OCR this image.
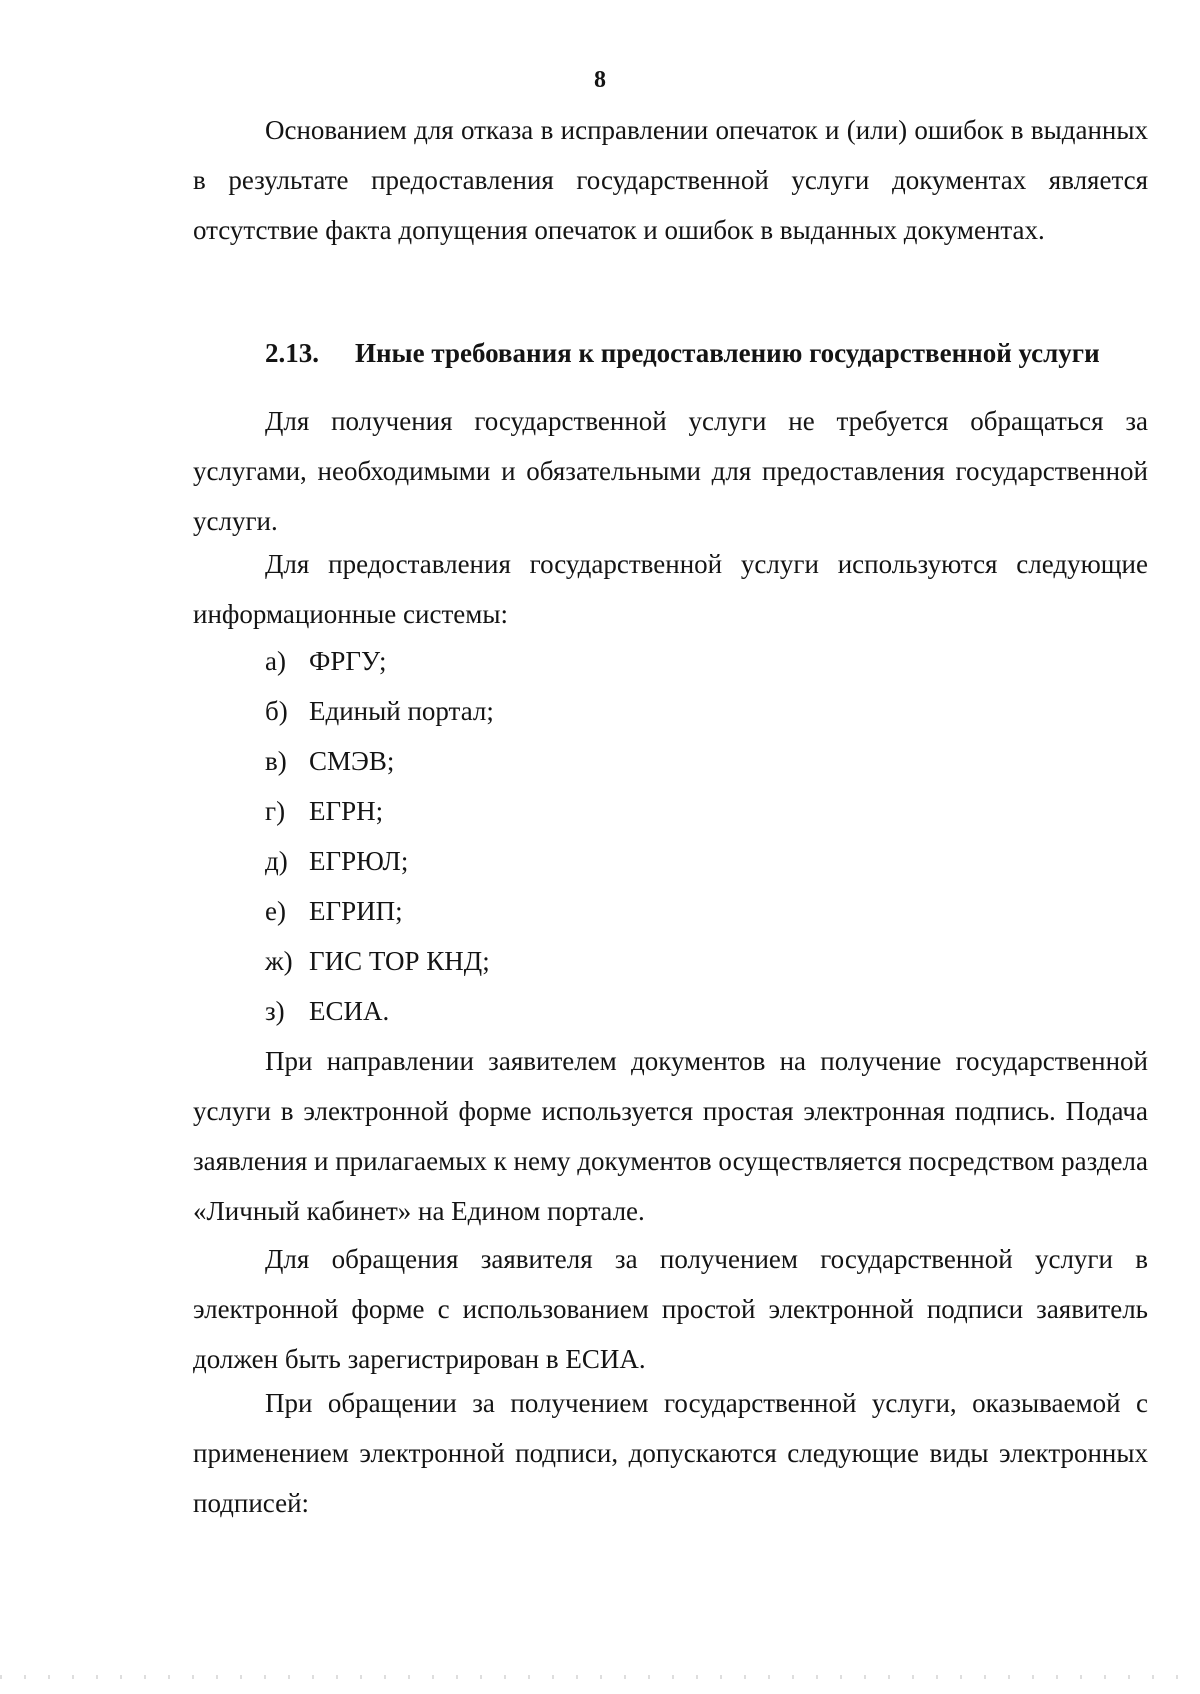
8

Основанием для отказа в исправлении опечаток и (или) ошибок в выданных в результате предоставления государственной услуги документах является отсутствие факта допущения опечаток и ошибок в выданных документах.

2.13. Иные требования к предоставлению государственной услуги

Для получения государственной услуги не требуется обращаться за услугами, необходимыми и обязательными для предоставления государственной услуги.

Для предоставления государственной услуги используются следующие информационные системы:

а) ФРГУ;
б) Единый портал;
в) СМЭВ;
г) ЕГРН;
д) ЕГРЮЛ;
е) ЕГРИП;
ж) ГИС ТОР КНД;
з) ЕСИА.

При направлении заявителем документов на получение государственной услуги в электронной форме используется простая электронная подпись. Подача заявления и прилагаемых к нему документов осуществляется посредством раздела «Личный кабинет» на Едином портале.

Для обращения заявителя за получением государственной услуги в электронной форме с использованием простой электронной подписи заявитель должен быть зарегистрирован в ЕСИА.

При обращении за получением государственной услуги, оказываемой с применением электронной подписи, допускаются следующие виды электронных подписей:
